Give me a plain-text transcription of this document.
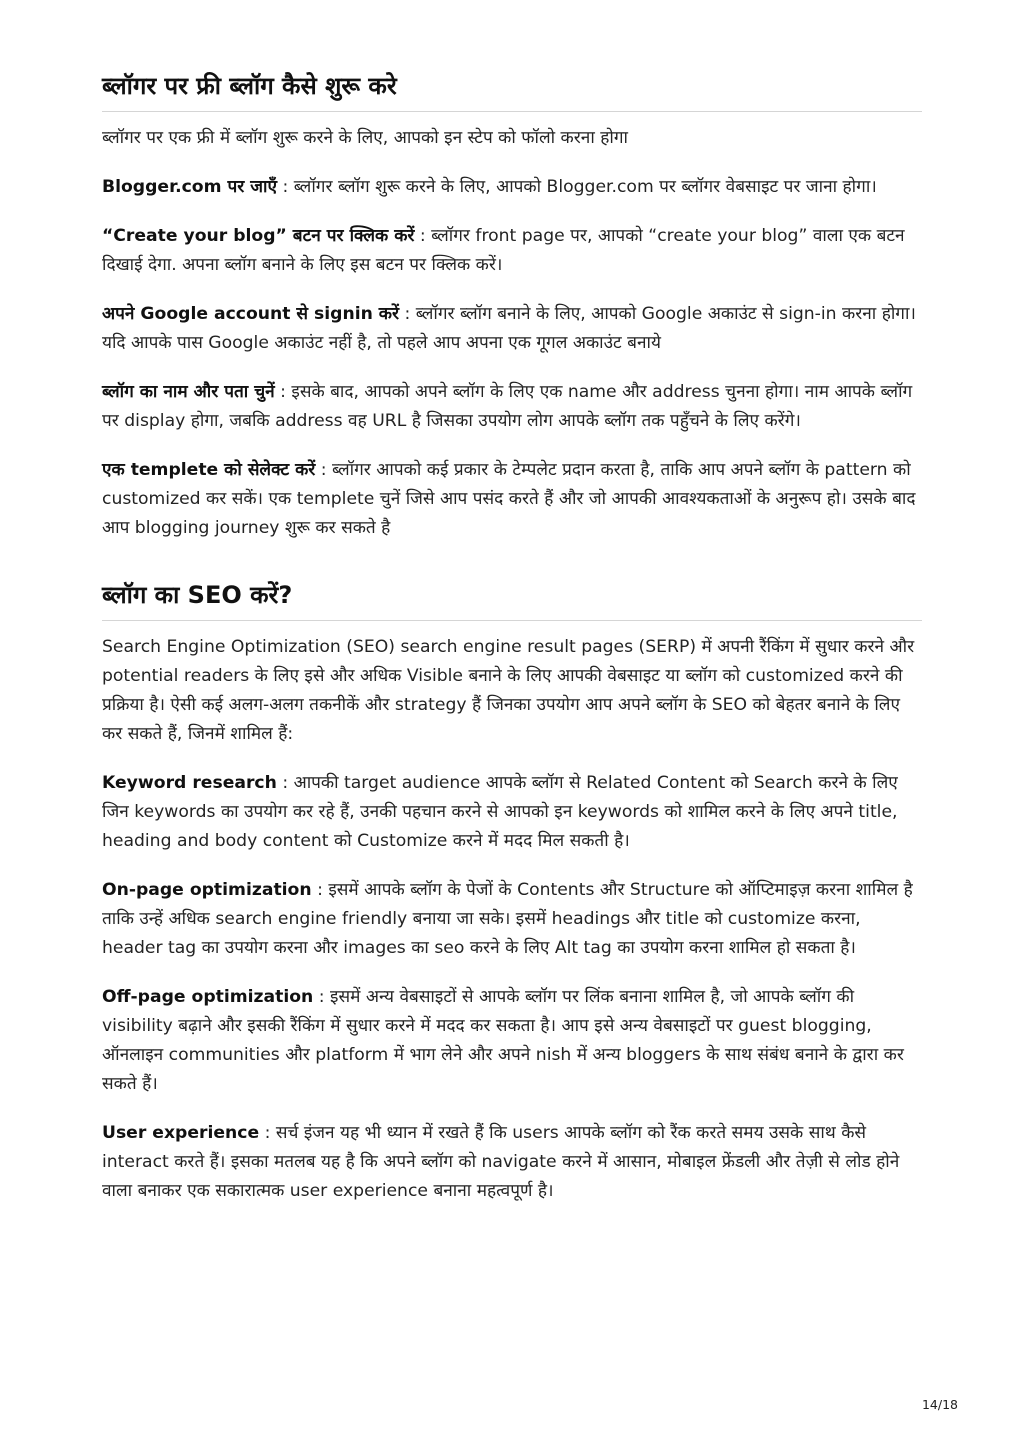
ब्लॉगर पर फ्री ब्लॉग कैसे शुरू करे

ब्लॉगर पर एक फ्री में ब्लॉग शुरू करने के लिए, आपको इन स्टेप को फॉलो करना होगा

Blogger.com पर जाएँ : ब्लॉगर ब्लॉग शुरू करने के लिए, आपको Blogger.com पर ब्लॉगर वेबसाइट पर जाना होगा।

“Create your blog” बटन पर क्लिक करें : ब्लॉगर front page पर, आपको “create your blog” वाला एक बटन दिखाई देगा. अपना ब्लॉग बनाने के लिए इस बटन पर क्लिक करें।

अपने Google account से signin करें : ब्लॉगर ब्लॉग बनाने के लिए, आपको Google अकाउंट से sign-in करना होगा। यदि आपके पास Google अकाउंट नहीं है, तो पहले आप अपना एक गूगल अकाउंट बनाये

ब्लॉग का नाम और पता चुनें : इसके बाद, आपको अपने ब्लॉग के लिए एक name और address चुनना होगा। नाम आपके ब्लॉग पर display होगा, जबकि address वह URL है जिसका उपयोग लोग आपके ब्लॉग तक पहुँचने के लिए करेंगे।

एक templete को सेलेक्ट करें : ब्लॉगर आपको कई प्रकार के टेम्पलेट प्रदान करता है, ताकि आप अपने ब्लॉग के pattern को customized कर सकें। एक templete चुनें जिसे आप पसंद करते हैं और जो आपकी आवश्यकताओं के अनुरूप हो। उसके बाद आप blogging journey शुरू कर सकते है

ब्लॉग का SEO करें?

Search Engine Optimization (SEO) search engine result pages (SERP) में अपनी रैंकिंग में सुधार करने और potential readers के लिए इसे और अधिक Visible बनाने के लिए आपकी वेबसाइट या ब्लॉग को customized करने की प्रक्रिया है। ऐसी कई अलग-अलग तकनीकें और strategy हैं जिनका उपयोग आप अपने ब्लॉग के SEO को बेहतर बनाने के लिए कर सकते हैं, जिनमें शामिल हैं:

Keyword research : आपकी target audience आपके ब्लॉग से Related Content को Search करने के लिए जिन keywords का उपयोग कर रहे हैं, उनकी पहचान करने से आपको इन keywords को शामिल करने के लिए अपने title, heading and body content को Customize करने में मदद मिल सकती है।

On-page optimization : इसमें आपके ब्लॉग के पेजों के Contents और Structure को ऑप्टिमाइज़ करना शामिल है ताकि उन्हें अधिक search engine friendly बनाया जा सके। इसमें headings और title को customize करना, header tag का उपयोग करना और images का seo करने के लिए Alt tag का उपयोग करना शामिल हो सकता है।

Off-page optimization : इसमें अन्य वेबसाइटों से आपके ब्लॉग पर लिंक बनाना शामिल है, जो आपके ब्लॉग की visibility बढ़ाने और इसकी रैंकिंग में सुधार करने में मदद कर सकता है। आप इसे अन्य वेबसाइटों पर guest blogging, ऑनलाइन communities और platform में भाग लेने और अपने nish में अन्य bloggers के साथ संबंध बनाने के द्वारा कर सकते हैं।

User experience : सर्च इंजन यह भी ध्यान में रखते हैं कि users आपके ब्लॉग को रैंक करते समय उसके साथ कैसे interact करते हैं। इसका मतलब यह है कि अपने ब्लॉग को navigate करने में आसान, मोबाइल फ्रेंडली और तेज़ी से लोड होने वाला बनाकर एक सकारात्मक user experience बनाना महत्वपूर्ण है।

14/18
